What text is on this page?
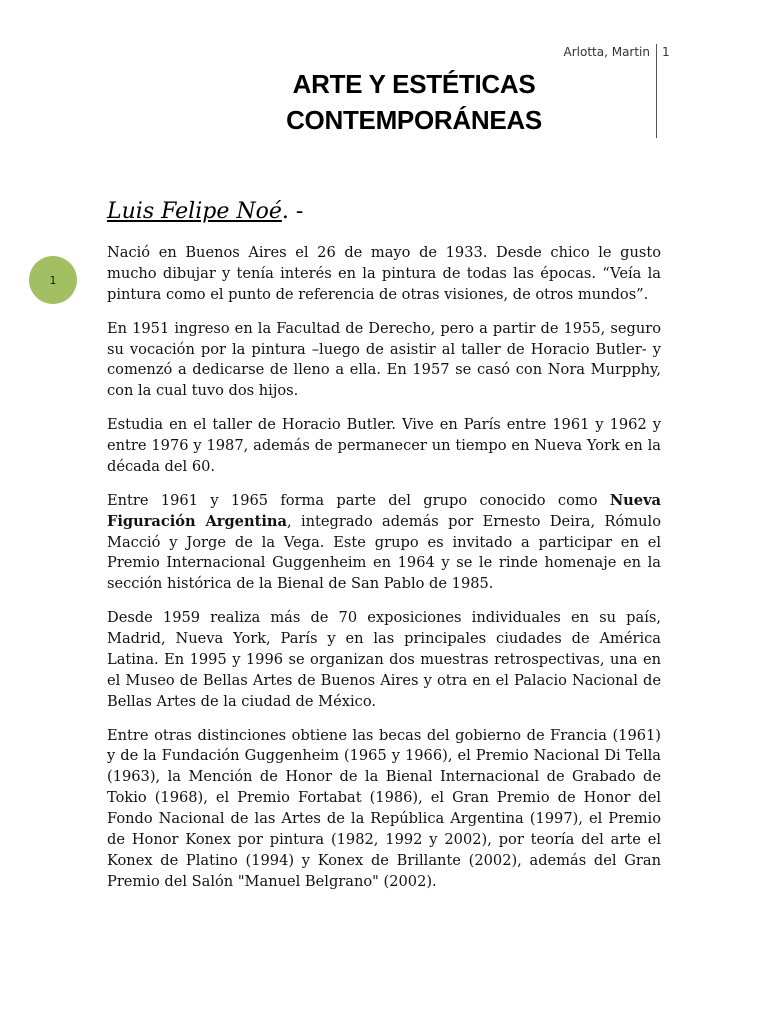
Arlotta, Martin 1
ARTE Y ESTÉTICAS
CONTEMPORÁNEAS
Luis Felipe Noé. -
1

Nació en Buenos Aires el 26 de mayo de 1933. Desde chico le gusto mucho dibujar y tenía interés en la pintura de todas las épocas. “Veía la pintura como el punto de referencia de otras visiones, de otros mundos”.

En 1951 ingreso en la Facultad de Derecho, pero a partir de 1955, seguro su vocación por la pintura –luego de asistir al taller de Horacio Butler- y comenzó a dedicarse de lleno a ella. En 1957 se casó con Nora Murpphy, con la cual tuvo dos hijos.

Estudia en el taller de Horacio Butler. Vive en París entre 1961 y 1962 y entre 1976 y 1987, además de permanecer un tiempo en Nueva York en la década del 60.

Entre 1961 y 1965 forma parte del grupo conocido como Nueva Figuración Argentina, integrado además por Ernesto Deira, Rómulo Macció y Jorge de la Vega. Este grupo es invitado a participar en el Premio Internacional Guggenheim en 1964 y se le rinde homenaje en la sección histórica de la Bienal de San Pablo de 1985.

Desde 1959 realiza más de 70 exposiciones individuales en su país, Madrid, Nueva York, París y en las principales ciudades de América Latina. En 1995 y 1996 se organizan dos muestras retrospectivas, una en el Museo de Bellas Artes de Buenos Aires y otra en el Palacio Nacional de Bellas Artes de la ciudad de México.

Entre otras distinciones obtiene las becas del gobierno de Francia (1961) y de la Fundación Guggenheim (1965 y 1966), el Premio Nacional Di Tella (1963), la Mención de Honor de la Bienal Internacional de Grabado de Tokio (1968), el Premio Fortabat (1986), el Gran Premio de Honor del Fondo Nacional de las Artes de la República Argentina (1997), el Premio de Honor Konex por pintura (1982, 1992 y 2002), por teoría del arte el Konex de Platino (1994) y Konex de Brillante (2002), además del Gran Premio del Salón "Manuel Belgrano" (2002).
